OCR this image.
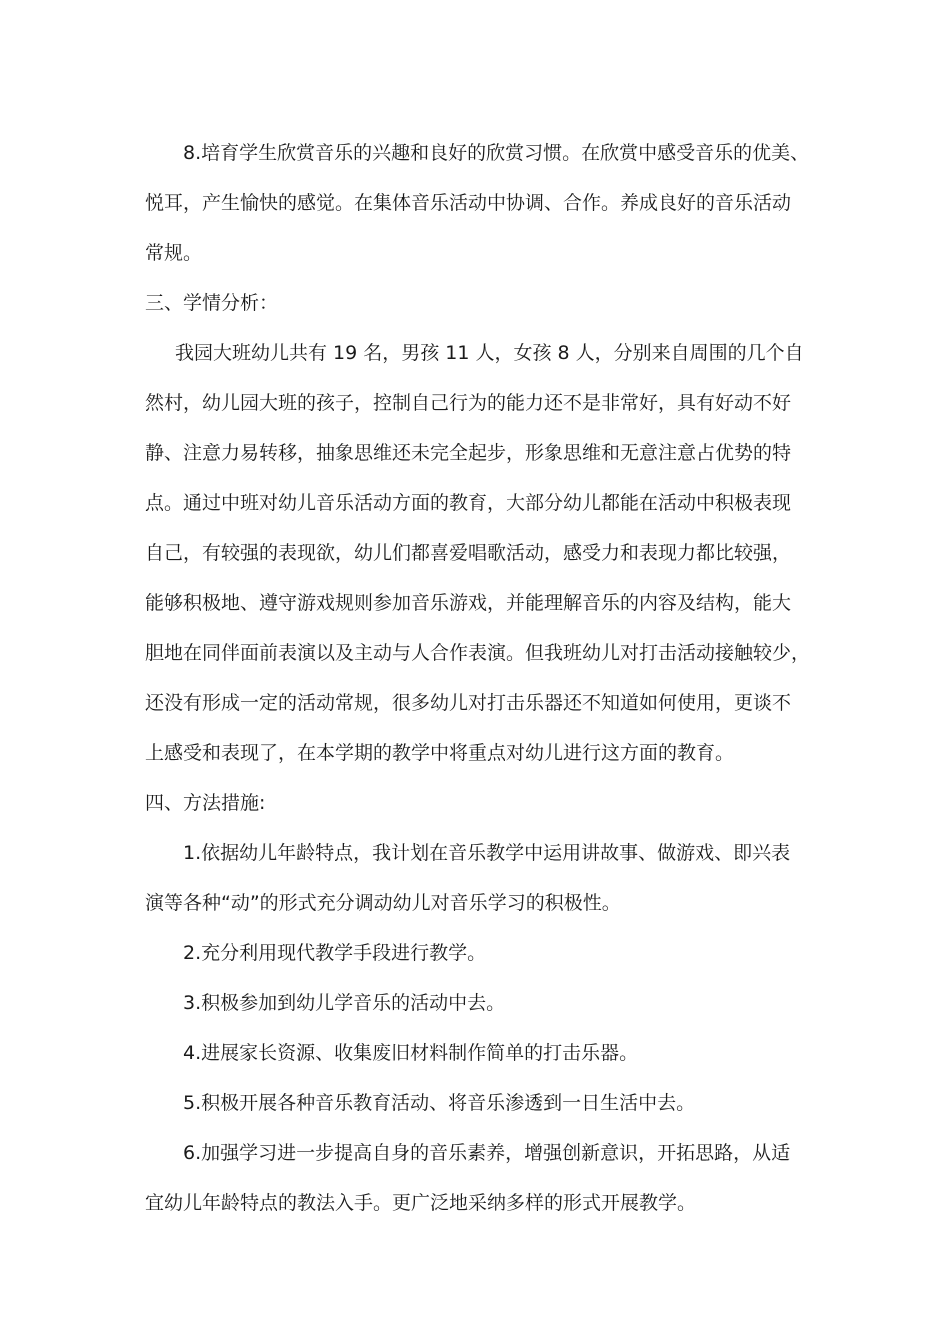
8.培育学生欣赏音乐的兴趣和良好的欣赏习惯。在欣赏中感受音乐的优美、
悦耳，产生愉快的感觉。在集体音乐活动中协调、合作。养成良好的音乐活动
常规。
三、学情分析：
我园大班幼儿共有 19 名，男孩 11 人，女孩 8 人，分别来自周围的几个自
然村，幼儿园大班的孩子，控制自己行为的能力还不是非常好，具有好动不好
静、注意力易转移，抽象思维还未完全起步，形象思维和无意注意占优势的特
点。通过中班对幼儿音乐活动方面的教育，大部分幼儿都能在活动中积极表现
自己，有较强的表现欲，幼儿们都喜爱唱歌活动，感受力和表现力都比较强，
能够积极地、遵守游戏规则参加音乐游戏，并能理解音乐的内容及结构，能大
胆地在同伴面前表演以及主动与人合作表演。但我班幼儿对打击活动接触较少，
还没有形成一定的活动常规，很多幼儿对打击乐器还不知道如何使用，更谈不
上感受和表现了，在本学期的教学中将重点对幼儿进行这方面的教育。
四、方法措施:
1.依据幼儿年龄特点，我计划在音乐教学中运用讲故事、做游戏、即兴表
演等各种“动”的形式充分调动幼儿对音乐学习的积极性。
2.充分利用现代教学手段进行教学。
3.积极参加到幼儿学音乐的活动中去。
4.进展家长资源、收集废旧材料制作简单的打击乐器。
5.积极开展各种音乐教育活动、将音乐渗透到一日生活中去。
6.加强学习进一步提高自身的音乐素养，增强创新意识，开拓思路，从适
宜幼儿年龄特点的教法入手。更广泛地采纳多样的形式开展教学。
